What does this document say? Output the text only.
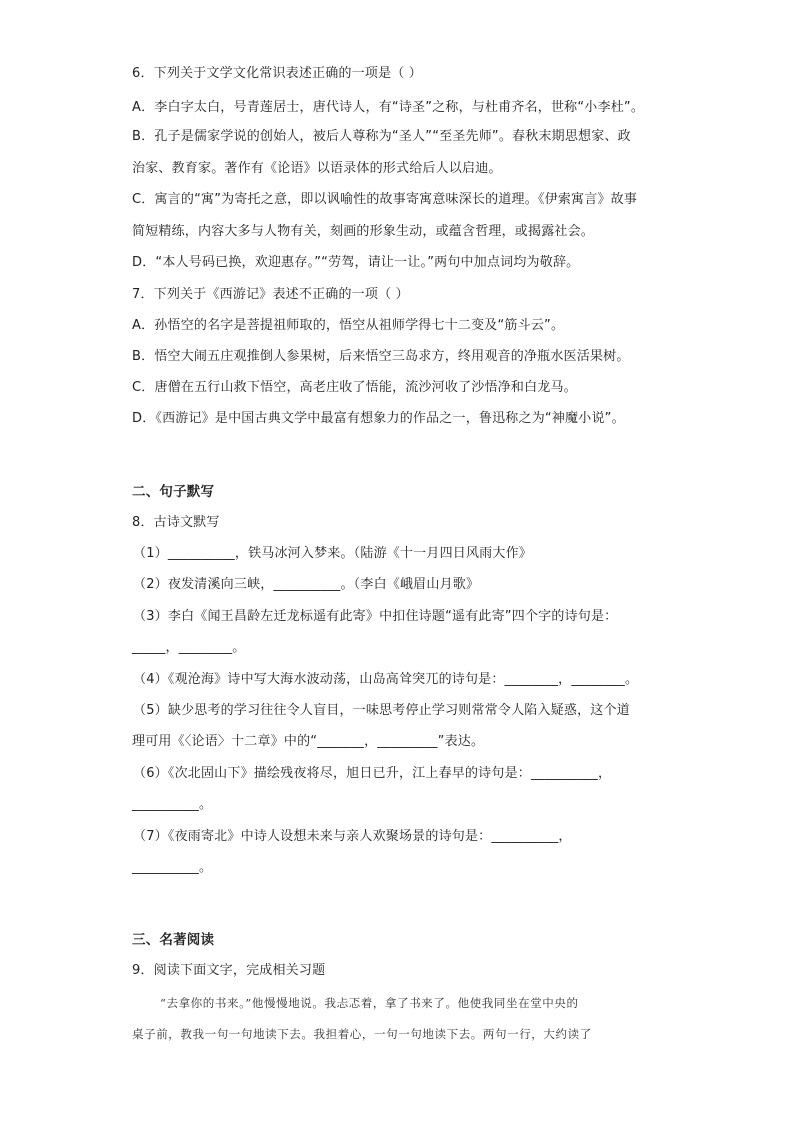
6．下列关于文学文化常识表述正确的一项是（ ）
A．李白字太白，号青莲居士，唐代诗人，有“诗圣”之称，与杜甫齐名，世称“小李杜”。
B．孔子是儒家学说的创始人，被后人尊称为“圣人”“至圣先师”。春秋末期思想家、政
治家、教育家。著作有《论语》以语录体的形式给后人以启迪。
C．寓言的“寓”为寄托之意，即以讽喻性的故事寄寓意味深长的道理。《伊索寓言》故事
简短精练，内容大多与人物有关，刻画的形象生动，或蕴含哲理，或揭露社会。
D．“本人号码已换，欢迎惠存。”“劳驾，请让一让。”两句中加点词均为敬辞。
7．下列关于《西游记》表述不正确的一项（ ）
A．孙悟空的名字是菩提祖师取的，悟空从祖师学得七十二变及“筋斗云”。
B．悟空大闹五庄观推倒人参果树，后来悟空三岛求方，终用观音的净瓶水医活果树。
C．唐僧在五行山救下悟空，高老庄收了悟能，流沙河收了沙悟净和白龙马。
D．《西游记》是中国古典文学中最富有想象力的作品之一，鲁迅称之为“神魔小说”。
二、句子默写
8．古诗文默写
（1）__________，铁马冰河入梦来。（陆游《十一月四日风雨大作》
（2）夜发清溪向三峡，__________。（李白《峨眉山月歌》
（3）李白《闻王昌龄左迁龙标遥有此寄》中扣住诗题“遥有此寄”四个字的诗句是：
_____，________。
（4）《观沧海》诗中写大海水波动荡，山岛高耸突兀的诗句是：________，________。
（5）缺少思考的学习往往令人盲目，一味思考停止学习则常常令人陷入疑惑，这个道
理可用《〈论语〉十二章》中的“_______，_________”表达。
（6）《次北固山下》描绘残夜将尽，旭日已升，江上春早的诗句是：__________，
__________。
（7）《夜雨寄北》中诗人设想未来与亲人欢聚场景的诗句是：__________，
__________。
三、名著阅读
9．阅读下面文字，完成相关习题
“去拿你的书来。”他慢慢地说。我忐忑着，拿了书来了。他使我同坐在堂中央的
桌子前，教我一句一句地读下去。我担着心，一句一句地读下去。两句一行，大约读了
